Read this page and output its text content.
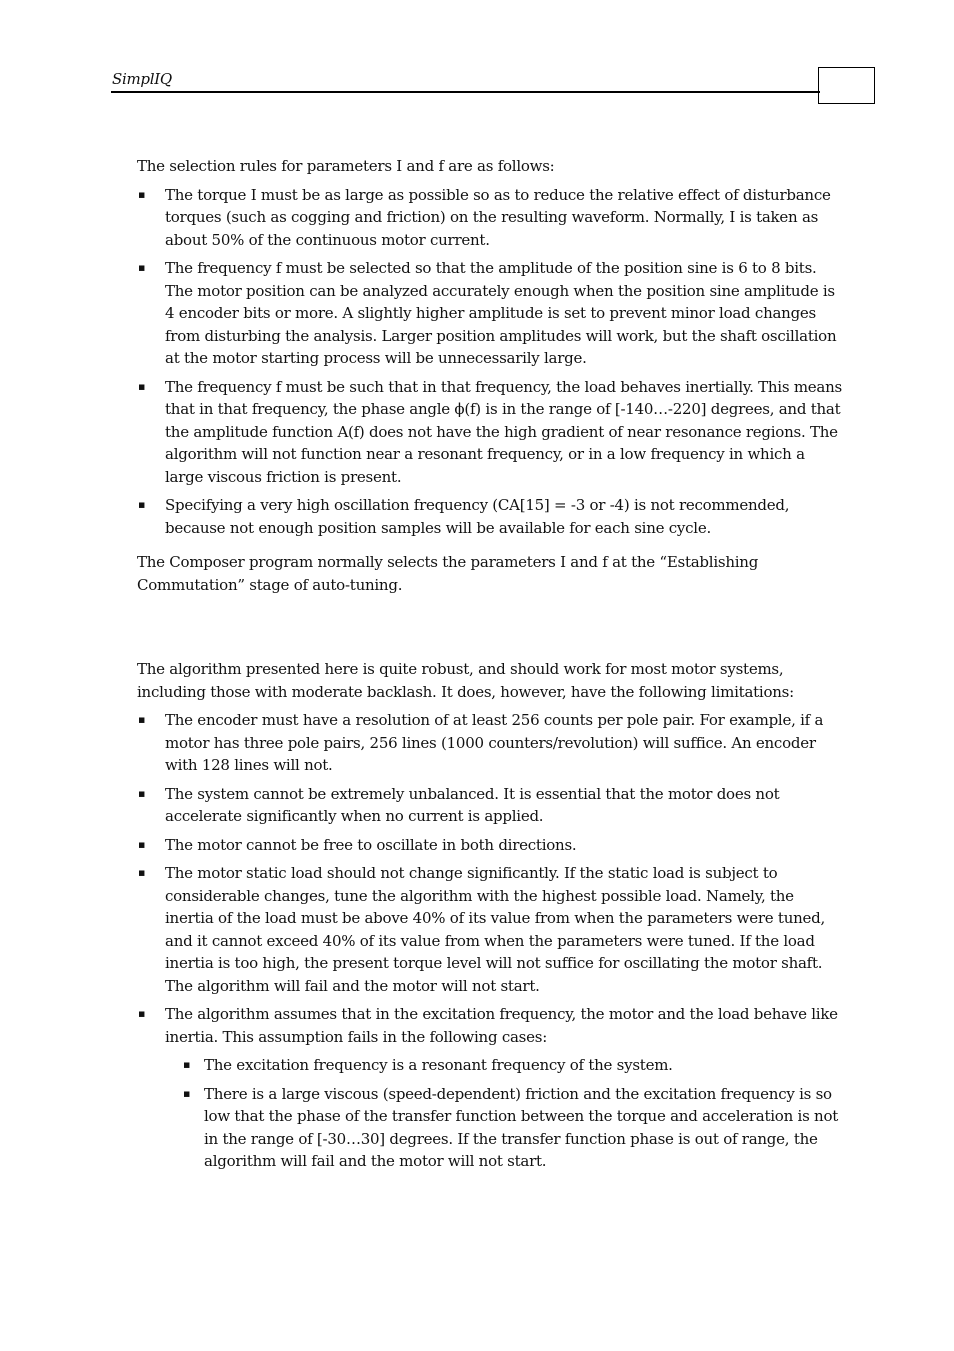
SimplIQ

The selection rules for parameters I and f are as follows:

▪ The torque I must be as large as possible so as to reduce the relative effect of disturbance torques (such as cogging and friction) on the resulting waveform. Normally, I is taken as about 50% of the continuous motor current.
▪ The frequency f must be selected so that the amplitude of the position sine is 6 to 8 bits. The motor position can be analyzed accurately enough when the position sine amplitude is 4 encoder bits or more. A slightly higher amplitude is set to prevent minor load changes from disturbing the analysis. Larger position amplitudes will work, but the shaft oscillation at the motor starting process will be unnecessarily large.
▪ The frequency f must be such that in that frequency, the load behaves inertially. This means that in that frequency, the phase angle ϕ(f) is in the range of [-140…-220] degrees, and that the amplitude function A(f) does not have the high gradient of near resonance regions. The algorithm will not function near a resonant frequency, or in a low frequency in which a large viscous friction is present.
▪ Specifying a very high oscillation frequency (CA[15] = -3 or -4) is not recommended, because not enough position samples will be available for each sine cycle.

The Composer program normally selects the parameters I and f at the “Establishing Commutation” stage of auto-tuning.

The algorithm presented here is quite robust, and should work for most motor systems, including those with moderate backlash. It does, however, have the following limitations:

▪ The encoder must have a resolution of at least 256 counts per pole pair. For example, if a motor has three pole pairs, 256 lines (1000 counters/revolution) will suffice. An encoder with 128 lines will not.
▪ The system cannot be extremely unbalanced. It is essential that the motor does not accelerate significantly when no current is applied.
▪ The motor cannot be free to oscillate in both directions.
▪ The motor static load should not change significantly. If the static load is subject to considerable changes, tune the algorithm with the highest possible load. Namely, the inertia of the load must be above 40% of its value from when the parameters were tuned, and it cannot exceed 40% of its value from when the parameters were tuned. If the load inertia is too high, the present torque level will not suffice for oscillating the motor shaft. The algorithm will fail and the motor will not start.
▪ The algorithm assumes that in the excitation frequency, the motor and the load behave like inertia. This assumption fails in the following cases:
▪ The excitation frequency is a resonant frequency of the system.
▪ There is a large viscous (speed-dependent) friction and the excitation frequency is so low that the phase of the transfer function between the torque and acceleration is not in the range of [-30…30] degrees. If the transfer function phase is out of range, the algorithm will fail and the motor will not start.
